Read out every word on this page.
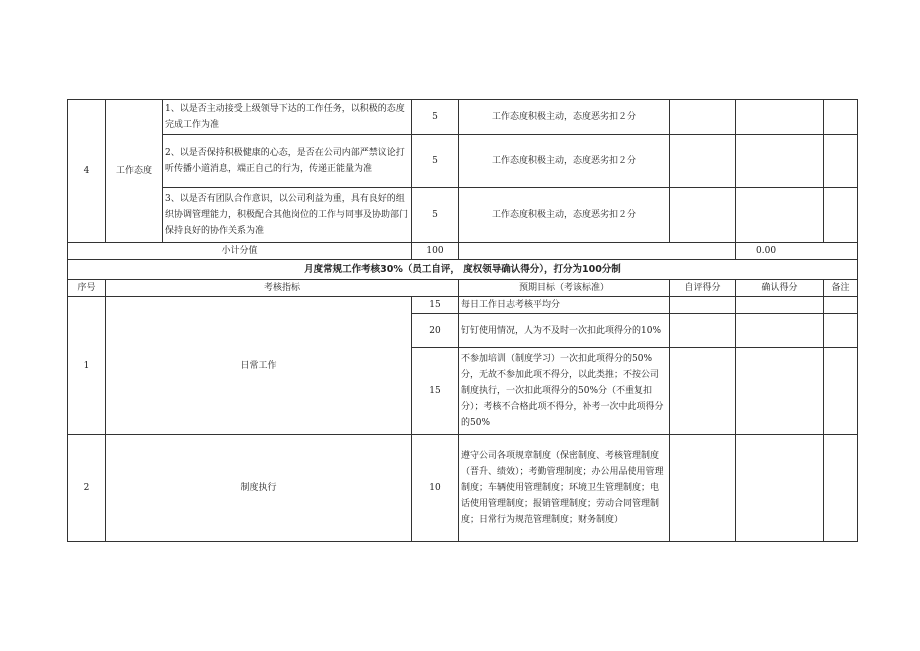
4	工作态度	1、以是否主动接受上级领导下达的工作任务，以积极的态度完成工作为准	5	工作态度积极主动，态度恶劣扣２分			
		2、以是否保持积极健康的心态，是否在公司内部严禁议论打听传播小道消息，端正自己的行为，传递正能量为准	5	工作态度积极主动，态度恶劣扣２分			
		3、以是否有团队合作意识，以公司利益为重，具有良好的组织协调管理能力，积极配合其他岗位的工作与同事及协助部门保持良好的协作关系为准	5	工作态度积极主动，态度恶劣扣２分			
小计分值			100			0.00	
月度常规工作考核30%（员工自评， 度权领导确认得分），打分为100分制							
序号	考核指标			预期目标（考该标准）	自评得分	确认得分	备注
1	日常工作		15	每日工作日志考核平均分			
			20	钉钉使用情况，人为不及时一次扣此项得分的10%			
			15	不参加培训（制度学习）一次扣此项得分的50%分，无故不参加此项不得分，以此类推；不按公司制度执行，一次扣此项得分的50%分（不重复扣分）；考核不合格此项不得分，补考一次中此项得分的50%			
2	制度执行		10	遵守公司各项规章制度（保密制度、考核管理制度（晋升、绩效）；考勤管理制度；办公用品使用管理制度；车辆使用管理制度；环境卫生管理制度；电话使用管理制度；报销管理制度；劳动合同管理制度；日常行为规范管理制度；财务制度）			
